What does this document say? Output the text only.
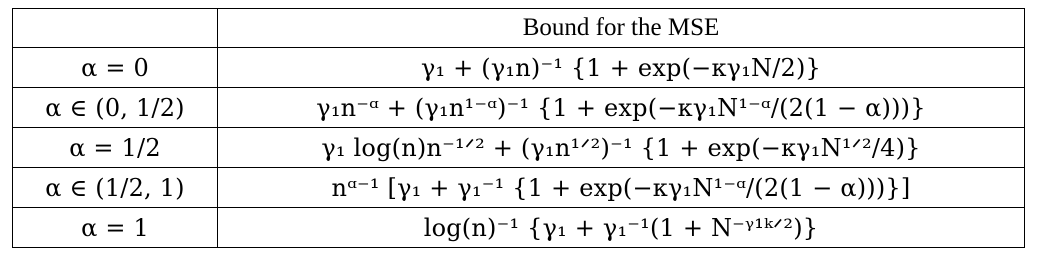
	Bound for the MSE
α = 0	γ₁ + (γ₁n)⁻¹ {1 + exp(−κγ₁N/2)}
α ∈ (0, 1/2)	γ₁n⁻ᵅ + (γ₁n¹⁻ᵅ)⁻¹ {1 + exp(−κγ₁N¹⁻ᵅ/(2(1 − α)))}
α = 1/2	γ₁ log(n)n⁻¹ᐟ² + (γ₁n¹ᐟ²)⁻¹ {1 + exp(−κγ₁N¹ᐟ²/4)}
α ∈ (1/2, 1)	nᵅ⁻¹ [γ₁ + γ₁⁻¹ {1 + exp(−κγ₁N¹⁻ᵅ/(2(1 − α)))}]
α = 1	log(n)⁻¹ {γ₁ + γ₁⁻¹(1 + N⁻ᵞ¹ᵏᐟ²)}
